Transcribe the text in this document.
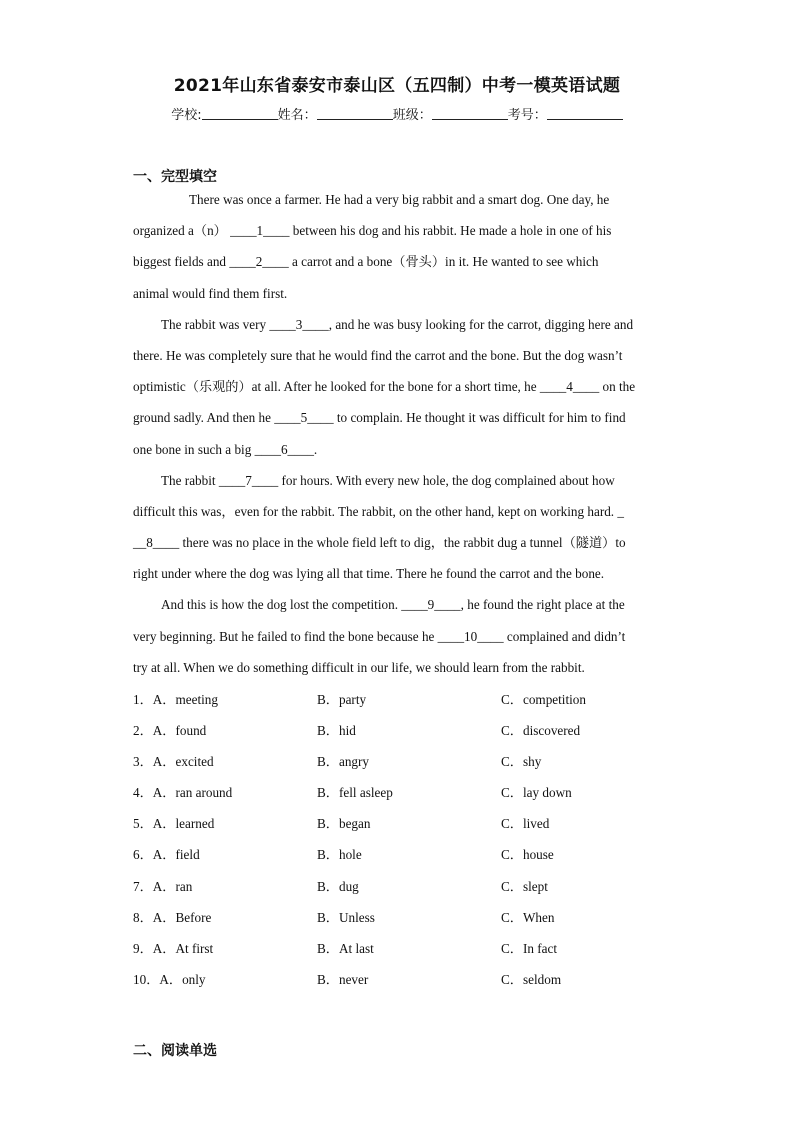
2021年山东省泰安市泰山区（五四制）中考一模英语试题
学校:	姓名：	班级：	考号：
一、完型填空
There was once a farmer. He had a very big rabbit and a smart dog. One day, he
organized a（n） ____1____ between his dog and his rabbit. He made a hole in one of his
biggest fields and ____2____ a carrot and a bone（骨头）in it. He wanted to see which
animal would find them first.
The rabbit was very ____3____, and he was busy looking for the carrot, digging here and
there. He was completely sure that he would find the carrot and the bone. But the dog wasn’t
optimistic（乐观的）at all. After he looked for the bone for a short time, he ____4____ on the
ground sadly. And then he ____5____ to complain. He thought it was difficult for him to find
one bone in such a big ____6____.
The rabbit ____7____ for hours. With every new hole, the dog complained about how
difficult this was，even for the rabbit. The rabbit, on the other hand, kept on working hard. _
__8____ there was no place in the whole field left to dig，the rabbit dug a tunnel（隧道）to
right under where the dog was lying all that time. There he found the carrot and the bone.
And this is how the dog lost the competition. ____9____, he found the right place at the
very beginning. But he failed to find the bone because he ____10____ complained and didn’t
try at all. When we do something difficult in our life, we should learn from the rabbit.
1．A．meeting	B．party	C．competition
2．A．found	B．hid	C．discovered
3．A．excited	B．angry	C．shy
4．A．ran around	B．fell asleep	C．lay down
5．A．learned	B．began	C．lived
6．A．field	B．hole	C．house
7．A．ran	B．dug	C．slept
8．A．Before	B．Unless	C．When
9．A．At first	B．At last	C．In fact
10．A．only	B．never	C．seldom
二、阅读单选
